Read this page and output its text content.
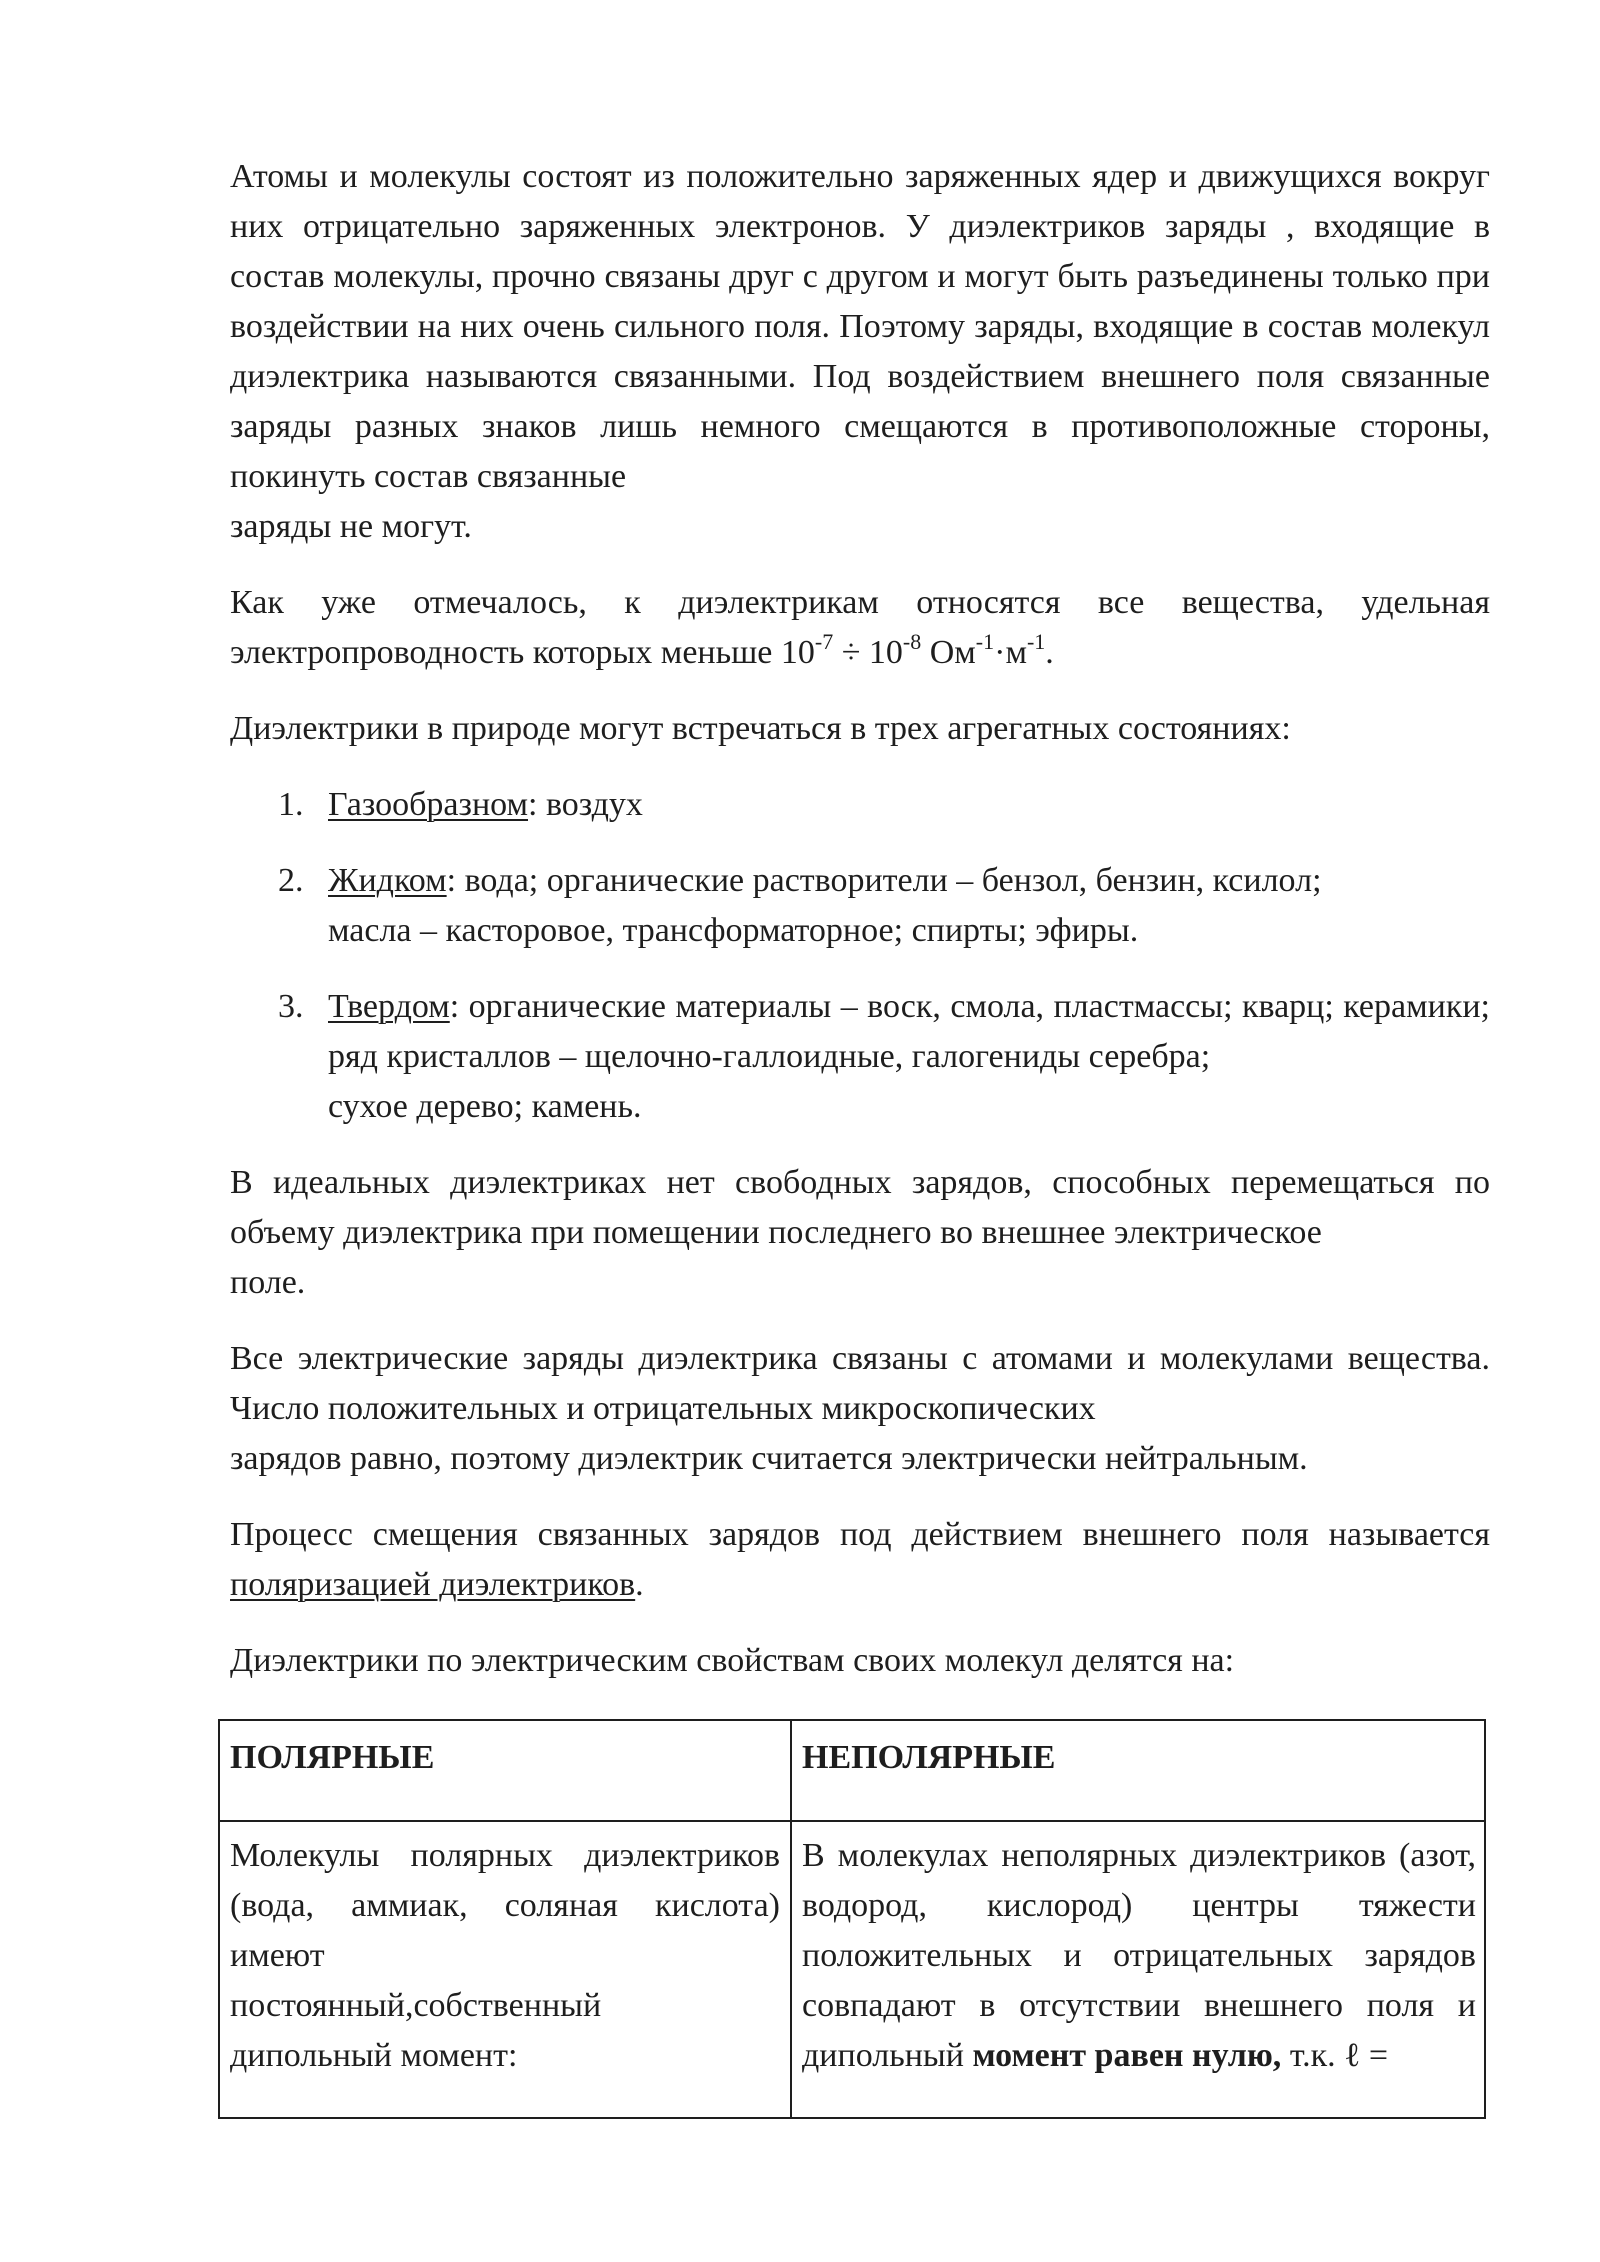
Атомы и молекулы состоят из положительно заряженных ядер и движущихся вокруг них отрицательно заряженных электронов. У диэлектриков заряды , входящие в состав молекулы, прочно связаны друг с другом и могут быть разъединены только при воздействии на них очень сильного поля. Поэтому заряды, входящие в состав молекул диэлектрика называются связанными. Под воздействием внешнего поля связанные заряды разных знаков лишь немного смещаются в противоположные стороны, покинуть состав связанные
заряды не могут.

Как уже отмечалось, к диэлектрикам относятся все вещества, удельная электропроводность которых меньше $10^{-7} \div 10^{-8}$ $Ом^{-1}\cdot м^{-1}$.

Диэлектрики в природе могут встречаться в трех агрегатных состояниях:

1. Газообразном: воздух
2. Жидком: вода; органические растворители – бензол, бензин, ксилол;
масла – касторовое, трансформаторное; спирты; эфиры.
3. Твердом: органические материалы – воск, смола, пластмассы; кварц; керамики; ряд кристаллов – щелочно-галлоидные, галогениды серебра;
сухое дерево; камень.

В идеальных диэлектриках нет свободных зарядов, способных перемещаться по объему диэлектрика при помещении последнего во внешнее электрическое
поле.

Все электрические заряды диэлектрика связаны с атомами и молекулами вещества. Число положительных и отрицательных микроскопических
зарядов равно, поэтому диэлектрик считается электрически нейтральным.

Процесс смещения связанных зарядов под действием внешнего поля называется поляризацией диэлектриков.

Диэлектрики по электрическим свойствам своих молекул делятся на:

ПОЛЯРНЫЕ	НЕПОЛЯРНЫЕ
Молекулы полярных диэлектриков (вода, аммиак, соляная кислота) имеют
постоянный,собственный
дипольный момент:
В молекулах неполярных диэлектриков (азот, водород, кислород) центры тяжести положительных и отрицательных зарядов совпадают в отсутствии внешнего поля и дипольный момент равен нулю, т.к. ℓ =
